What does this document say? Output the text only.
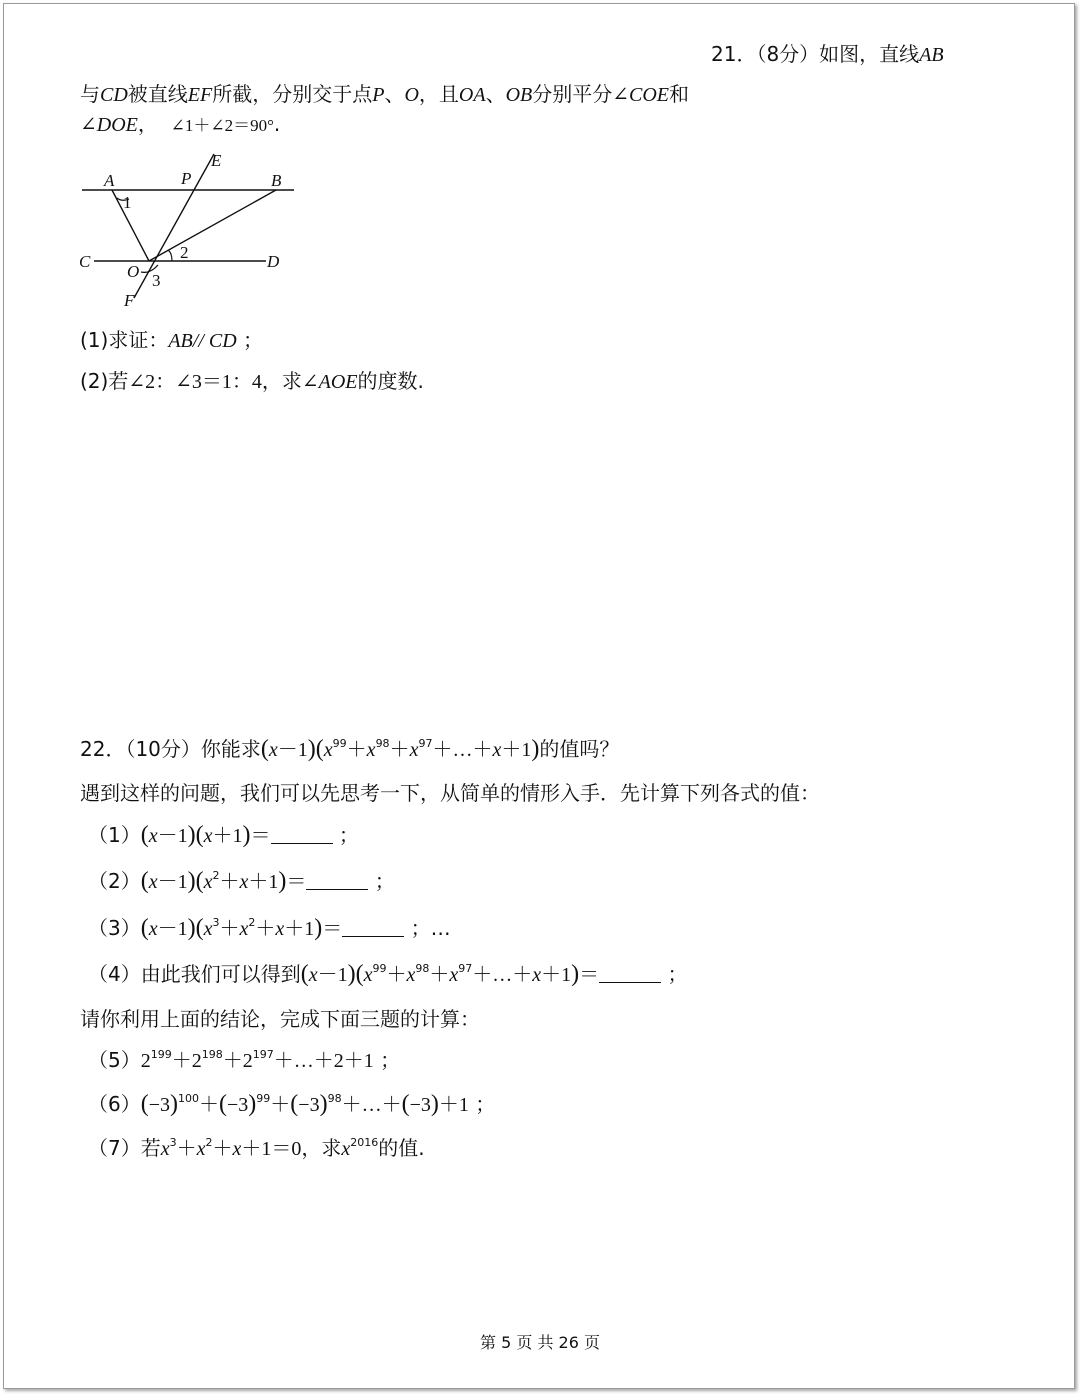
21．（8分）如图，直线AB
与CD被直线EF所截，分别交于点P、O，且OA、OB分别平分∠COE和
∠DOE， ∠1＋∠2＝90°.
A	P
E
B
C
O
D
F
1
2
3
(1)求证：AB// CD ；
(2)若∠2：∠3＝1：4，求∠AOE的度数.
22．（10分）你能求$(x-1)(x^{99}+x^{98}+x^{97}+\dots+x+1)$的值吗？
遇到这样的问题，我们可以先思考一下，从简单的情形入手．先计算下列各式的值：
（1）(x－1)(x＋1)＝	；
$(2)(x-1)(x^2+x+1)=$	；
$(3)(x-1)(x^3+x^2+x+1)=$	；…
（4）由此我们可以得到$(x-1)(x^{99}+x^{98}+x^{97}+\dots+x+1)=$	；
请你利用上面的结论，完成下面三题的计算：
$(5)2^{199}+2^{198}+2^{197}+\dots+2+1$ ；
$(6)(-3)^{100}+(-3)^{99}+(-3)^{98}+\dots+(-3)+1$ ；
（7）若$x^3+x^2+x+1=0$，求$x^{2016}$的值.
第 5 页 共 26 页
